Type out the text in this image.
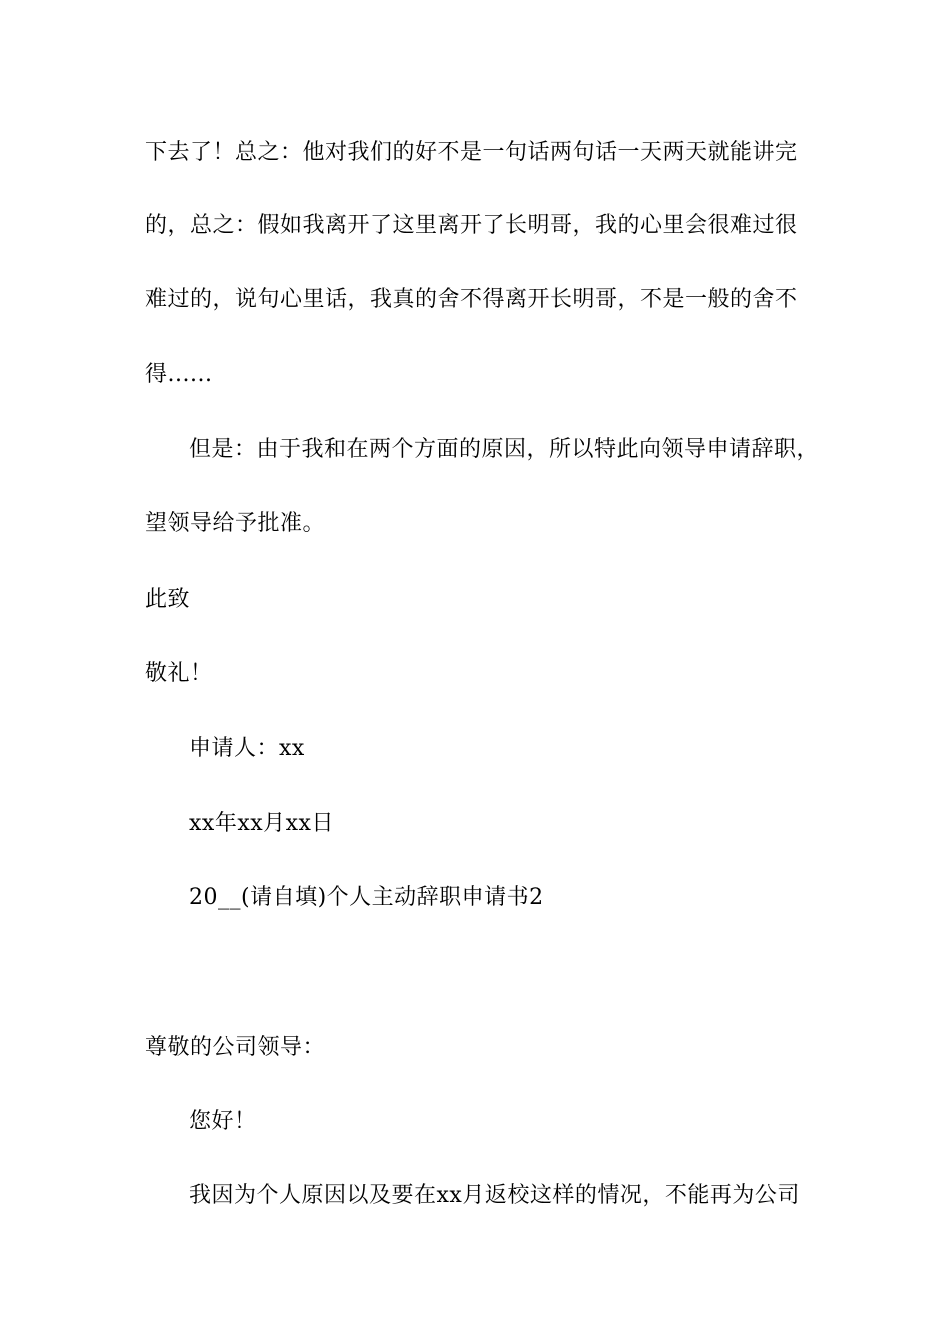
下去了！总之：他对我们的好不是一句话两句话一天两天就能讲完
的，总之：假如我离开了这里离开了长明哥，我的心里会很难过很
难过的，说句心里话，我真的舍不得离开长明哥，不是一般的舍不
得......
但是：由于我和在两个方面的原因，所以特此向领导申请辞职，
望领导给予批准。
此致
敬礼！
申请人：xx
xx年xx月xx日
20__(请自填)个人主动辞职申请书2
尊敬的公司领导：
您好！
我因为个人原因以及要在xx月返校这样的情况，不能再为公司
